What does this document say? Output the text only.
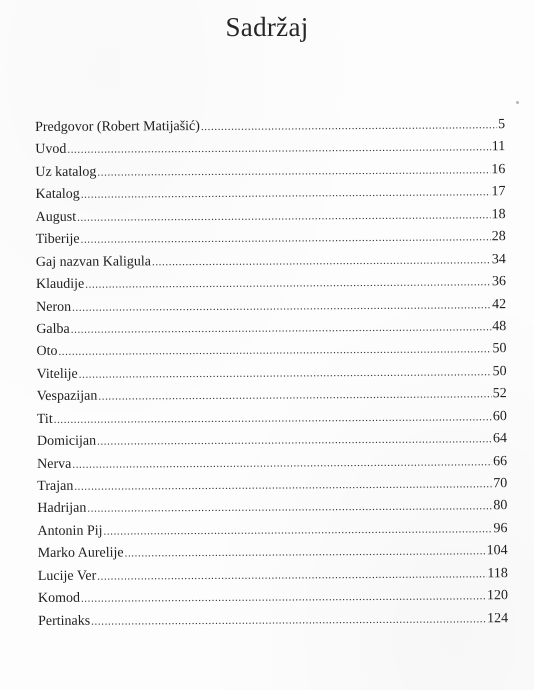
Sadržaj
Predgovor (Robert Matijašić) .....	5
Uvod .....	11
Uz katalog .....	16
Katalog .....	17
August .....	18
Tiberije .....	28
Gaj nazvan Kaligula .....	34
Klaudije .....	36
Neron .....	42
Galba .....	48
Oto .....	50
Vitelije .....	50
Vespazijan .....	52
Tit .....	60
Domicijan .....	64
Nerva .....	66
Trajan .....	70
Hadrijan .....	80
Antonin Pij .....	96
Marko Aurelije .....	104
Lucije Ver .....	118
Komod .....	120
Pertinaks .....	124
